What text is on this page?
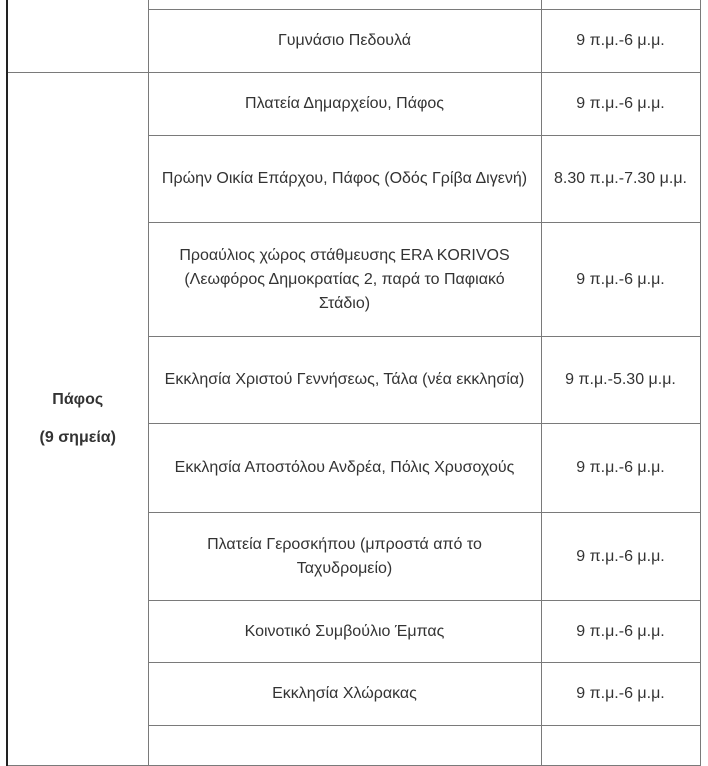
	Γυμνάσιο Πεδουλά	9 π.μ.-6 μ.μ.

Πάφος

(9 σημεία)	Πλατεία Δημαρχείου, Πάφος	9 π.μ.-6 μ.μ.
	Πρώην Οικία Επάρχου, Πάφος (Οδός Γρίβα Διγενή)	8.30 π.μ.-7.30 μ.μ.
	Προαύλιος χώρος στάθμευσης ERA KORIVOS (Λεωφόρος Δημοκρατίας 2, παρά το Παφιακό Στάδιο)	9 π.μ.-6 μ.μ.
	Εκκλησία Χριστού Γεννήσεως, Τάλα (νέα εκκλησία)	9 π.μ.-5.30 μ.μ.
	Εκκλησία Αποστόλου Ανδρέα, Πόλις Χρυσοχούς	9 π.μ.-6 μ.μ.
	Πλατεία Γεροσκήπου (μπροστά από το Ταχυδρομείο)	9 π.μ.-6 μ.μ.
	Κοινοτικό Συμβούλιο Έμπας	9 π.μ.-6 μ.μ.
	Εκκλησία Χλώρακας	9 π.μ.-6 μ.μ.
